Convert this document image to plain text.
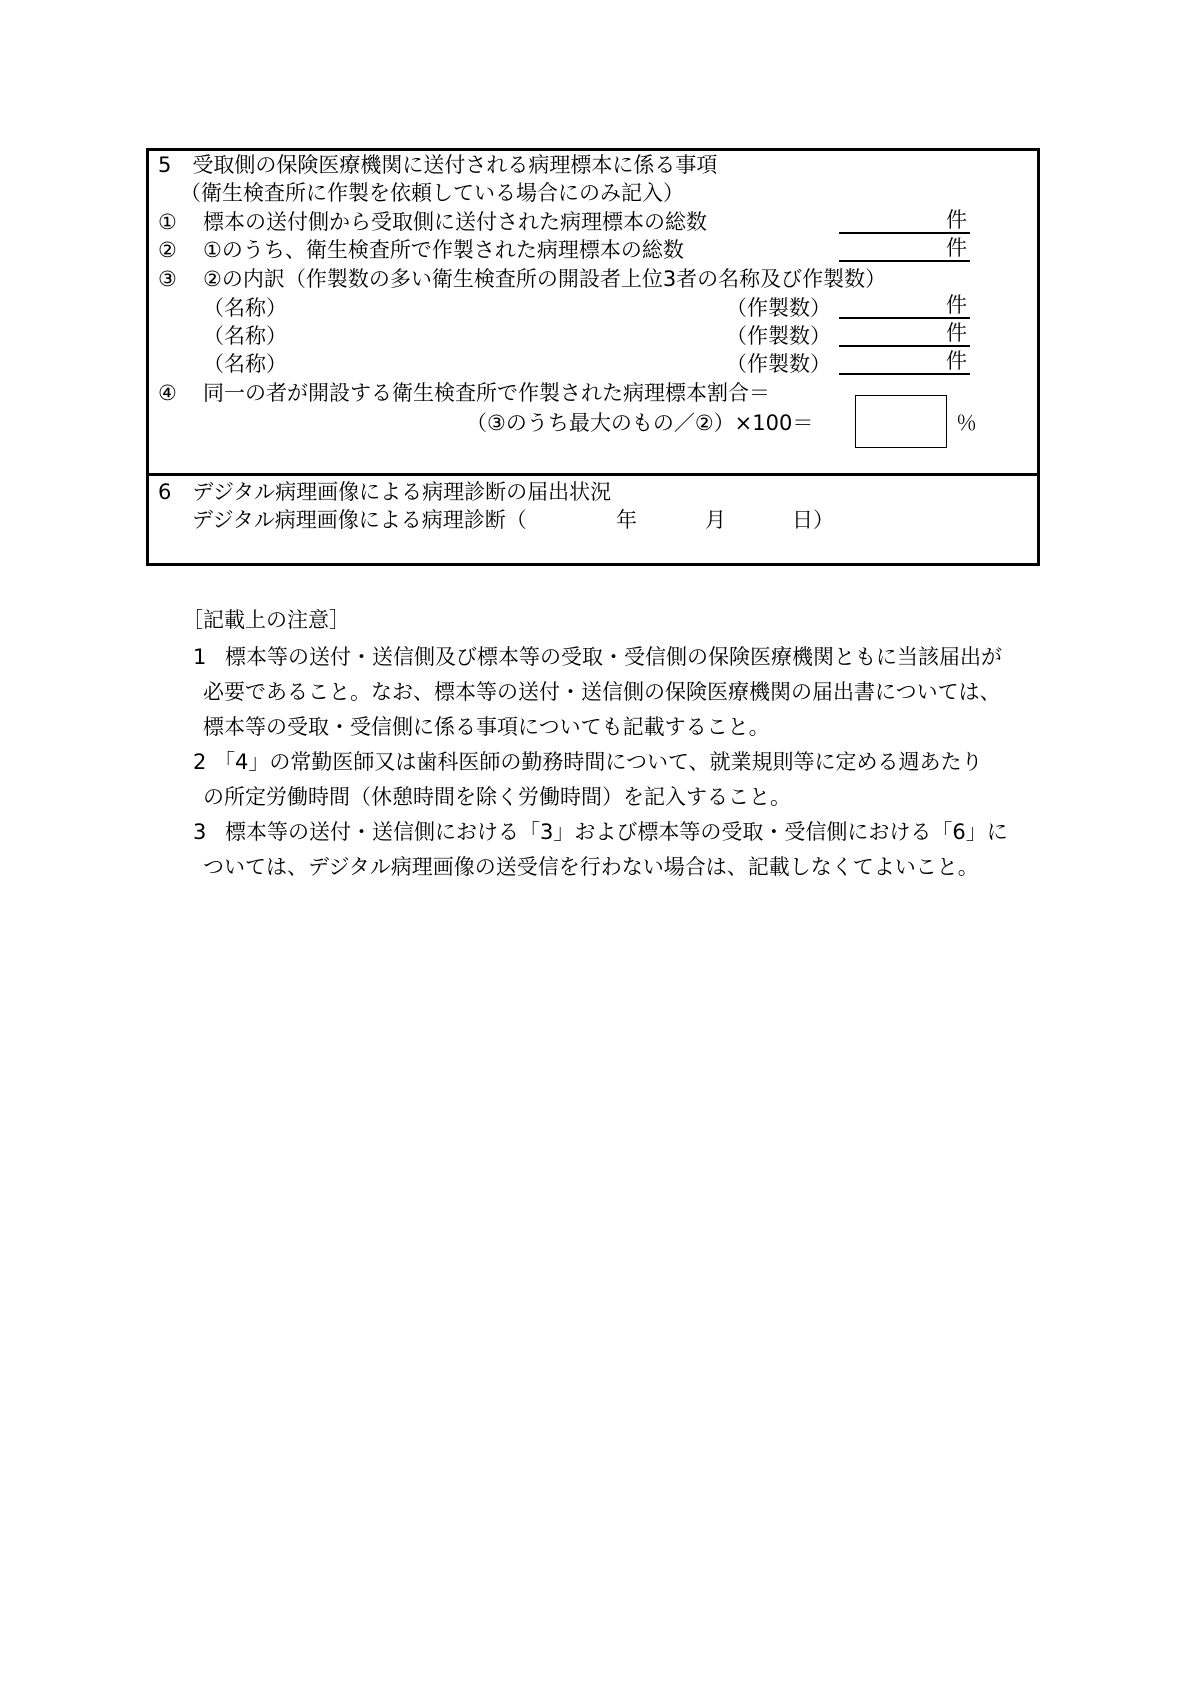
5　受取側の保険医療機関に送付される病理標本に係る事項
（衛生検査所に作製を依頼している場合にのみ記入）
① 標本の送付側から受取側に送付された病理標本の総数	件
② ①のうち、衛生検査所で作製された病理標本の総数	件
③ ②の内訳（作製数の多い衛生検査所の開設者上位3者の名称及び作製数）
（名称）	（作製数）	件
（名称）	（作製数）	件
（名称）	（作製数）	件
④ 同一の者が開設する衛生検査所で作製された病理標本割合＝
（③のうち最大のもの／②）×100＝	％
6　デジタル病理画像による病理診断の届出状況
デジタル病理画像による病理診断（	年	月	日）
［記載上の注意］
1 標本等の送付・送信側及び標本等の受取・受信側の保険医療機関ともに当該届出が
必要であること。なお、標本等の送付・送信側の保険医療機関の届出書については、
標本等の受取・受信側に係る事項についても記載すること。
2 「4」の常勤医師又は歯科医師の勤務時間について、就業規則等に定める週あたり
の所定労働時間（休憩時間を除く労働時間）を記入すること。
3 標本等の送付・送信側における「3」および標本等の受取・受信側における「6」に
ついては、デジタル病理画像の送受信を行わない場合は、記載しなくてよいこと。
